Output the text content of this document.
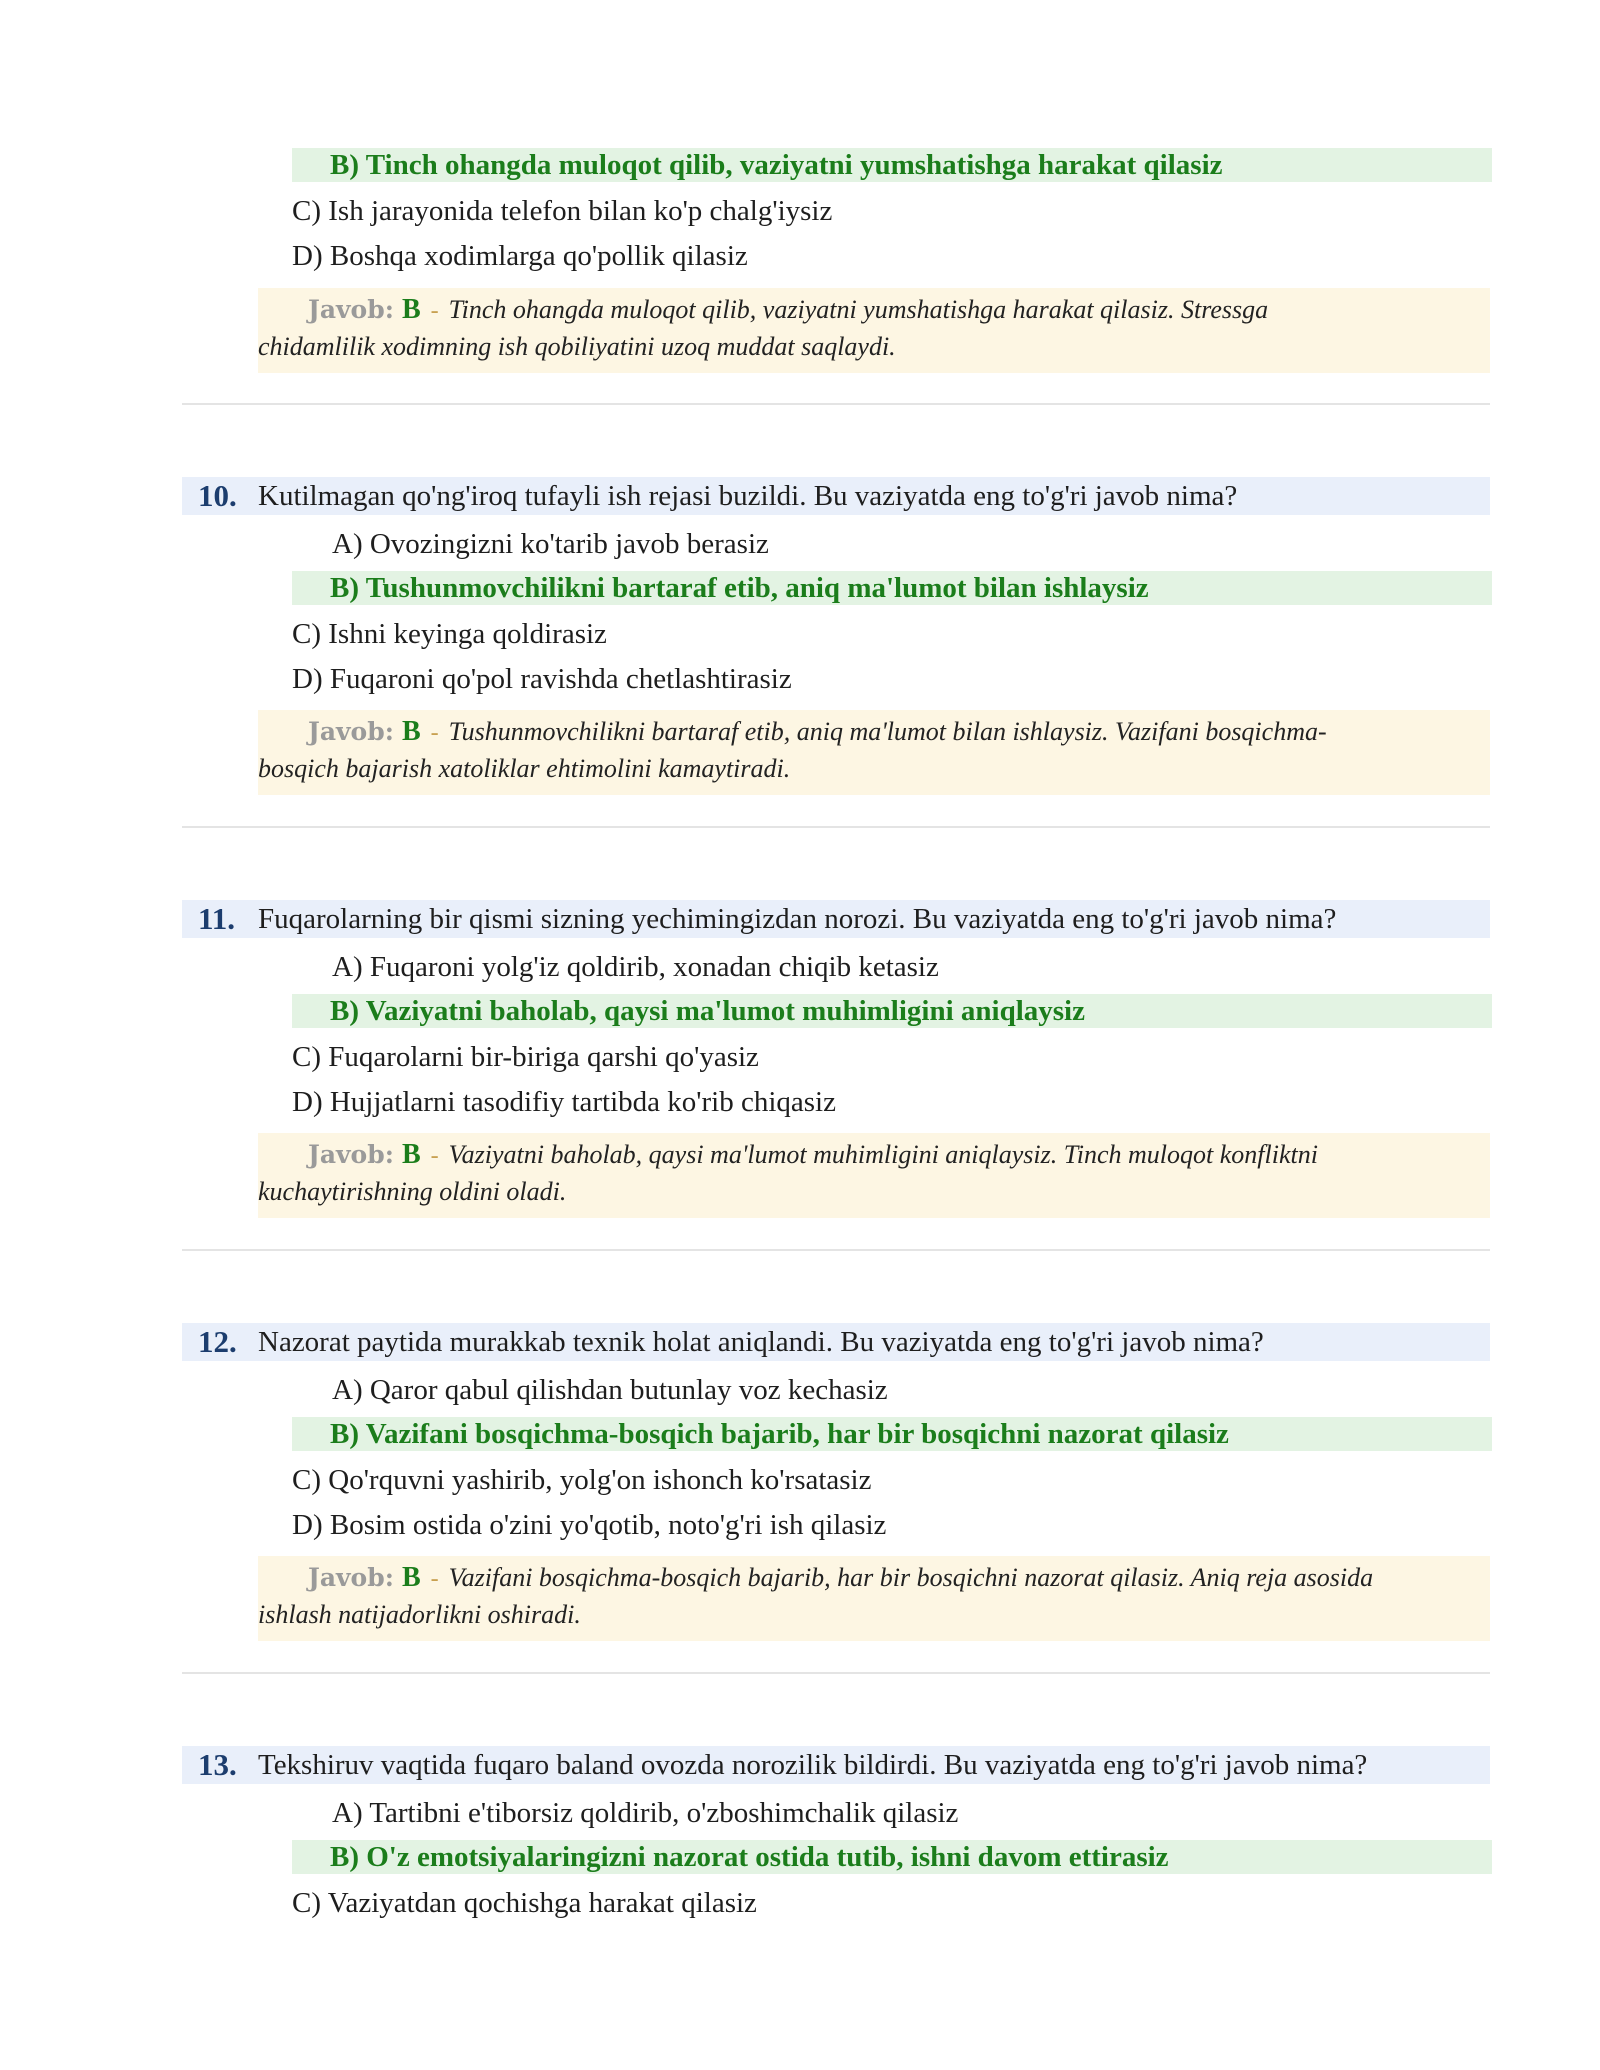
B) Tinch ohangda muloqot qilib, vaziyatni yumshatishga harakat qilasiz
C) Ish jarayonida telefon bilan ko'p chalg'iysiz
D) Boshqa xodimlarga qo'pollik qilasiz
Javob: B - Tinch ohangda muloqot qilib, vaziyatni yumshatishga harakat qilasiz. Stressga
chidamlilik xodimning ish qobiliyatini uzoq muddat saqlaydi.
10. Kutilmagan qo'ng'iroq tufayli ish rejasi buzildi. Bu vaziyatda eng to'g'ri javob nima?
A) Ovozingizni ko'tarib javob berasiz
B) Tushunmovchilikni bartaraf etib, aniq ma'lumot bilan ishlaysiz
C) Ishni keyinga qoldirasiz
D) Fuqaroni qo'pol ravishda chetlashtirasiz
Javob: B - Tushunmovchilikni bartaraf etib, aniq ma'lumot bilan ishlaysiz. Vazifani bosqichma-
bosqich bajarish xatoliklar ehtimolini kamaytiradi.
11. Fuqarolarning bir qismi sizning yechimingizdan norozi. Bu vaziyatda eng to'g'ri javob nima?
A) Fuqaroni yolg'iz qoldirib, xonadan chiqib ketasiz
B) Vaziyatni baholab, qaysi ma'lumot muhimligini aniqlaysiz
C) Fuqarolarni bir-biriga qarshi qo'yasiz
D) Hujjatlarni tasodifiy tartibda ko'rib chiqasiz
Javob: B - Vaziyatni baholab, qaysi ma'lumot muhimligini aniqlaysiz. Tinch muloqot konfliktni
kuchaytirishning oldini oladi.
12. Nazorat paytida murakkab texnik holat aniqlandi. Bu vaziyatda eng to'g'ri javob nima?
A) Qaror qabul qilishdan butunlay voz kechasiz
B) Vazifani bosqichma-bosqich bajarib, har bir bosqichni nazorat qilasiz
C) Qo'rquvni yashirib, yolg'on ishonch ko'rsatasiz
D) Bosim ostida o'zini yo'qotib, noto'g'ri ish qilasiz
Javob: B - Vazifani bosqichma-bosqich bajarib, har bir bosqichni nazorat qilasiz. Aniq reja asosida
ishlash natijadorlikni oshiradi.
13. Tekshiruv vaqtida fuqaro baland ovozda norozilik bildirdi. Bu vaziyatda eng to'g'ri javob nima?
A) Tartibni e'tiborsiz qoldirib, o'zboshimchalik qilasiz
B) O'z emotsiyalaringizni nazorat ostida tutib, ishni davom ettirasiz
C) Vaziyatdan qochishga harakat qilasiz
